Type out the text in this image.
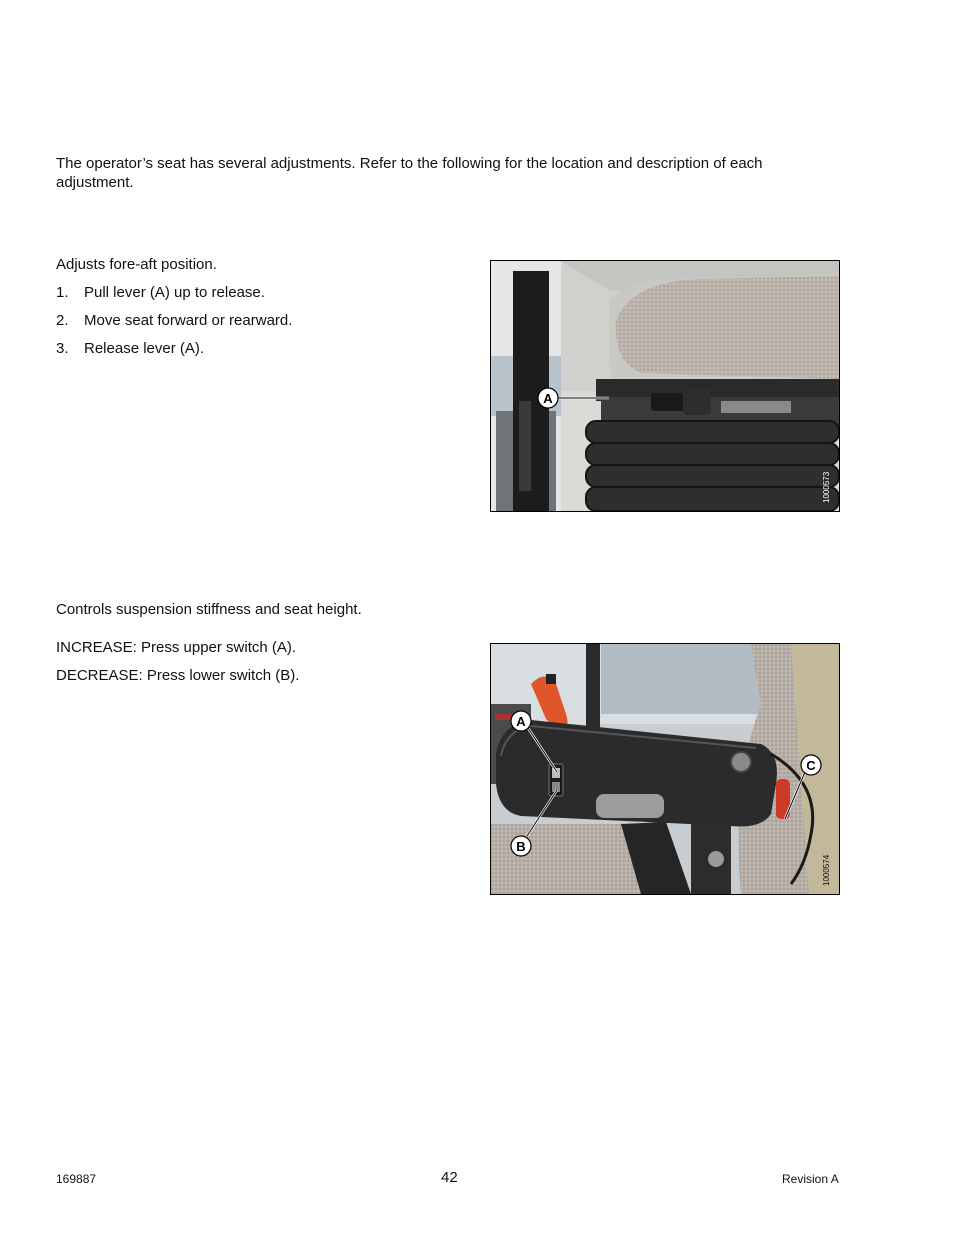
The operator’s seat has several adjustments. Refer to the following for the location and description of each adjustment.
Adjusts fore-aft position.
1. Pull lever (A) up to release.
2. Move seat forward or rearward.
3. Release lever (A).
1000573
A
Controls suspension stiffness and seat height.
INCREASE: Press upper switch (A).
DECREASE: Press lower switch (B).
1000574
A
B
C
169887	42	Revision A
